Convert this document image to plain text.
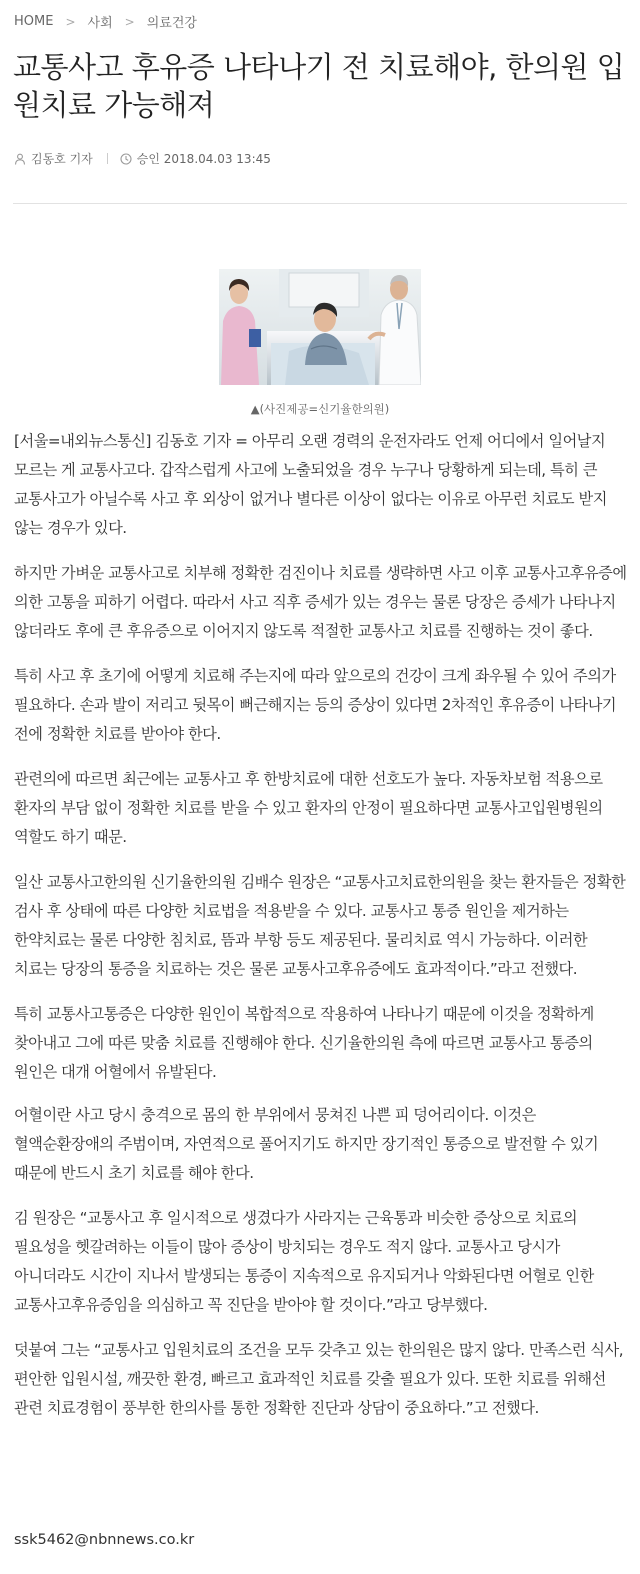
HOME > 사회 > 의료건강
교통사고 후유증 나타나기 전 치료해야, 한의원 입원치료 가능해져
김동호 기자	승인 2018.04.03 13:45
▲(사진제공=신기율한의원)

[서울=내외뉴스통신] 김동호 기자 = 아무리 오랜 경력의 운전자라도 언제 어디에서 일어날지 모르는 게 교통사고다. 갑작스럽게 사고에 노출되었을 경우 누구나 당황하게 되는데, 특히 큰 교통사고가 아닐수록 사고 후 외상이 없거나 별다른 이상이 없다는 이유로 아무런 치료도 받지 않는 경우가 있다.

하지만 가벼운 교통사고로 치부해 정확한 검진이나 치료를 생략하면 사고 이후 교통사고후유증에 의한 고통을 피하기 어렵다. 따라서 사고 직후 증세가 있는 경우는 물론 당장은 증세가 나타나지 않더라도 후에 큰 후유증으로 이어지지 않도록 적절한 교통사고 치료를 진행하는 것이 좋다.

특히 사고 후 초기에 어떻게 치료해 주는지에 따라 앞으로의 건강이 크게 좌우될 수 있어 주의가 필요하다. 손과 발이 저리고 뒷목이 뻐근해지는 등의 증상이 있다면 2차적인 후유증이 나타나기 전에 정확한 치료를 받아야 한다.

관련의에 따르면 최근에는 교통사고 후 한방치료에 대한 선호도가 높다. 자동차보험 적용으로 환자의 부담 없이 정확한 치료를 받을 수 있고 환자의 안정이 필요하다면 교통사고입원병원의 역할도 하기 때문.

일산 교통사고한의원 신기율한의원 김배수 원장은 “교통사고치료한의원을 찾는 환자들은 정확한 검사 후 상태에 따른 다양한 치료법을 적용받을 수 있다. 교통사고 통증 원인을 제거하는 한약치료는 물론 다양한 침치료, 뜸과 부항 등도 제공된다. 물리치료 역시 가능하다. 이러한 치료는 당장의 통증을 치료하는 것은 물론 교통사고후유증에도 효과적이다.”라고 전했다.

특히 교통사고통증은 다양한 원인이 복합적으로 작용하여 나타나기 때문에 이것을 정확하게 찾아내고 그에 따른 맞춤 치료를 진행해야 한다. 신기율한의원 측에 따르면 교통사고 통증의 원인은 대개 어혈에서 유발된다.

어혈이란 사고 당시 충격으로 몸의 한 부위에서 뭉쳐진 나쁜 피 덩어리이다. 이것은 혈액순환장애의 주범이며, 자연적으로 풀어지기도 하지만 장기적인 통증으로 발전할 수 있기 때문에 반드시 초기 치료를 해야 한다.

김 원장은 “교통사고 후 일시적으로 생겼다가 사라지는 근육통과 비슷한 증상으로 치료의 필요성을 헷갈려하는 이들이 많아 증상이 방치되는 경우도 적지 않다. 교통사고 당시가 아니더라도 시간이 지나서 발생되는 통증이 지속적으로 유지되거나 악화된다면 어혈로 인한 교통사고후유증임을 의심하고 꼭 진단을 받아야 할 것이다.”라고 당부했다.

덧붙여 그는 “교통사고 입원치료의 조건을 모두 갖추고 있는 한의원은 많지 않다. 만족스런 식사, 편안한 입원시설, 깨끗한 환경, 빠르고 효과적인 치료를 갖출 필요가 있다. 또한 치료를 위해선 관련 치료경험이 풍부한 한의사를 통한 정확한 진단과 상담이 중요하다.”고 전했다.

ssk5462@nbnnews.co.kr
